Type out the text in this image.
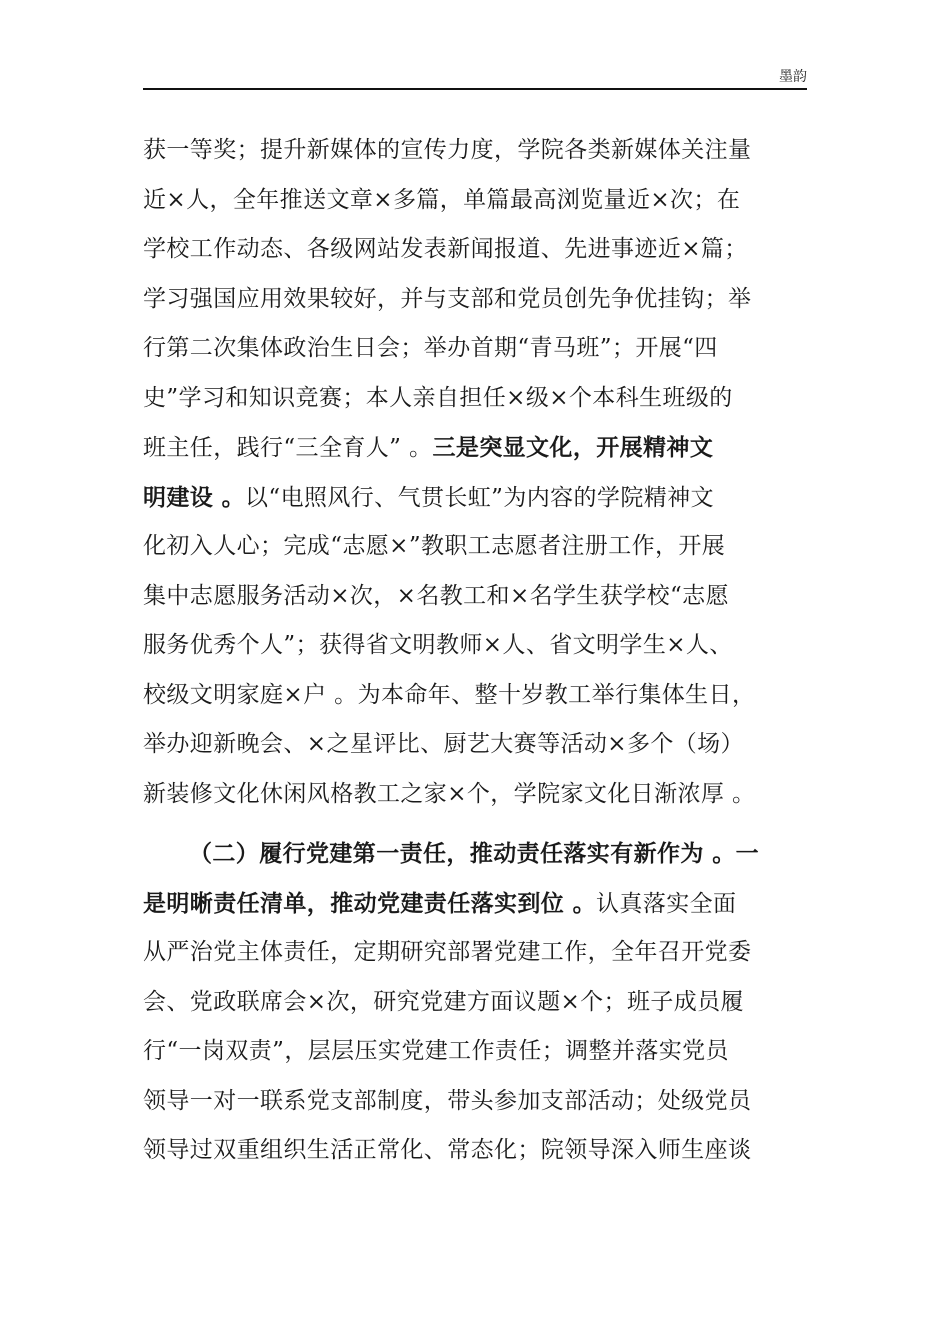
墨韵
获一等奖；提升新媒体的宣传力度，学院各类新媒体关注量
近×人，全年推送文章×多篇，单篇最高浏览量近×次；在
学校工作动态、各级网站发表新闻报道、先进事迹近×篇；
学习强国应用效果较好，并与支部和党员创先争优挂钩；举
行第二次集体政治生日会；举办首期“青马班”；开展“四
史”学习和知识竞赛；本人亲自担任×级×个本科生班级的
班主任，践行“三全育人” 。三是突显文化，开展精神文
明建设 。以“电照风行、气贯长虹”为内容的学院精神文
化初入人心；完成“志愿×”教职工志愿者注册工作，开展
集中志愿服务活动×次，×名教工和×名学生获学校“志愿
服务优秀个人”；获得省文明教师×人、省文明学生×人、
校级文明家庭×户 。为本命年、整十岁教工举行集体生日，
举办迎新晚会、×之星评比、厨艺大赛等活动×多个（场）
新装修文化休闲风格教工之家×个，学院家文化日渐浓厚 。
（二）履行党建第一责任，推动责任落实有新作为 。一
是明晰责任清单，推动党建责任落实到位 。认真落实全面
从严治党主体责任，定期研究部署党建工作，全年召开党委
会、党政联席会×次，研究党建方面议题×个；班子成员履
行“一岗双责”，层层压实党建工作责任；调整并落实党员
领导一对一联系党支部制度，带头参加支部活动；处级党员
领导过双重组织生活正常化、常态化；院领导深入师生座谈
